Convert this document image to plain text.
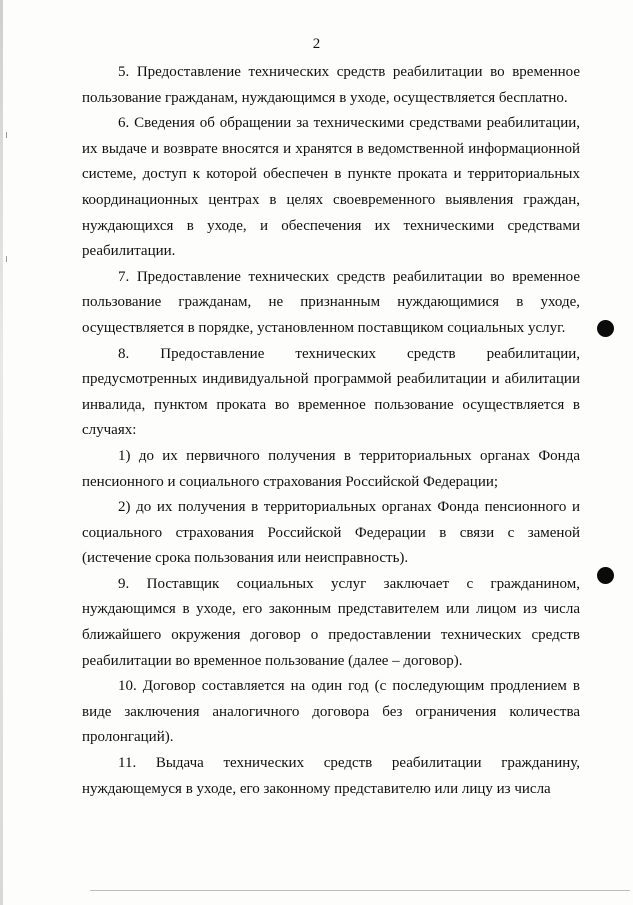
2

5. Предоставление технических средств реабилитации во временное пользование гражданам, нуждающимся в уходе, осуществляется бесплатно.

6. Сведения об обращении за техническими средствами реабилитации, их выдаче и возврате вносятся и хранятся в ведомственной информационной системе, доступ к которой обеспечен в пункте проката и территориальных координационных центрах в целях своевременного выявления граждан, нуждающихся в уходе, и обеспечения их техническими средствами реабилитации.

7. Предоставление технических средств реабилитации во временное пользование гражданам, не признанным нуждающимися в уходе, осуществляется в порядке, установленном поставщиком социальных услуг.

8. Предоставление технических средств реабилитации, предусмотренных индивидуальной программой реабилитации и абилитации инвалида, пунктом проката во временное пользование осуществляется в случаях:

1) до их первичного получения в территориальных органах Фонда пенсионного и социального страхования Российской Федерации;

2) до их получения в территориальных органах Фонда пенсионного и социального страхования Российской Федерации в связи с заменой (истечение срока пользования или неисправность).

9. Поставщик социальных услуг заключает с гражданином, нуждающимся в уходе, его законным представителем или лицом из числа ближайшего окружения договор о предоставлении технических средств реабилитации во временное пользование (далее – договор).

10. Договор составляется на один год (с последующим продлением в виде заключения аналогичного договора без ограничения количества пролонгаций).

11. Выдача технических средств реабилитации гражданину, нуждающемуся в уходе, его законному представителю или лицу из числа
